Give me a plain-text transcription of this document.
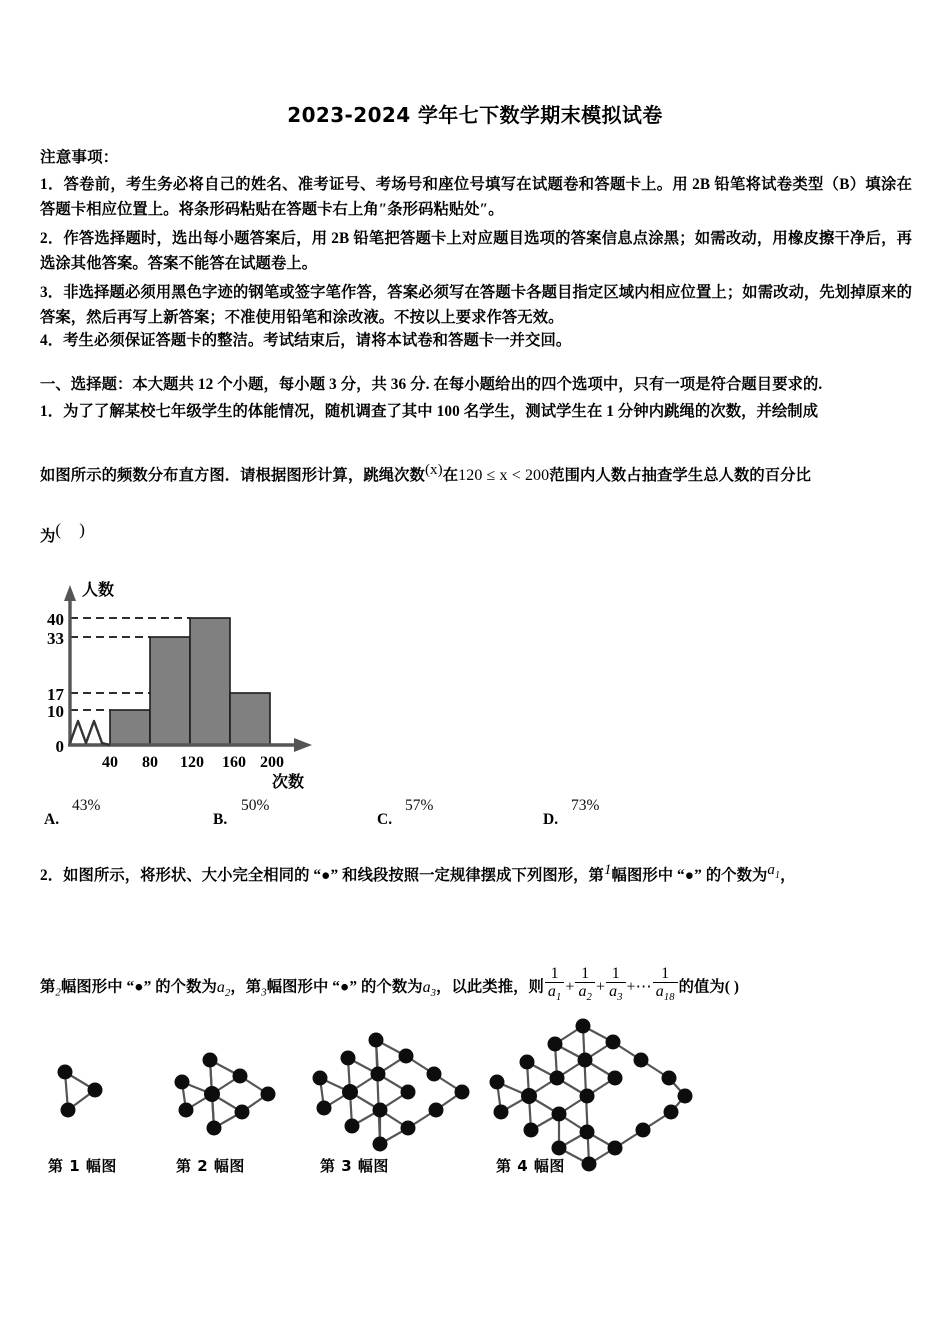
2023-2024 学年七下数学期末模拟试卷
注意事项：
1．答卷前，考生务必将自己的姓名、准考证号、考场号和座位号填写在试题卷和答题卡上。用 2B 铅笔将试卷类型（B）填涂在答题卡相应位置上。将条形码粘贴在答题卡右上角″条形码粘贴处″。
2．作答选择题时，选出每小题答案后，用 2B 铅笔把答题卡上对应题目选项的答案信息点涂黑；如需改动，用橡皮擦干净后，再选涂其他答案。答案不能答在试题卷上。
3．非选择题必须用黑色字迹的钢笔或签字笔作答，答案必须写在答题卡各题目指定区域内相应位置上；如需改动，先划掉原来的答案，然后再写上新答案；不准使用铅笔和涂改液。不按以上要求作答无效。
4．考生必须保证答题卡的整洁。考试结束后，请将本试卷和答题卡一并交回。
一、选择题：本大题共 12 个小题，每小题 3 分，共 36 分. 在每小题给出的四个选项中，只有一项是符合题目要求的.
1．为了了解某校七年级学生的体能情况，随机调查了其中 100 名学生，测试学生在 1 分钟内跳绳的次数，并绘制成
如图所示的频数分布直方图．请根据图形计算，跳绳次数(x)在120 ≤ x < 200范围内人数占抽查学生总人数的百分比
为( )
40
33
17
10
0
40 80 120 160 200
人数
次数
A.
43%
B.
50%
C.
57%
D.
73%
2．如图所示，将形状、大小完全相同的 “●” 和线段按照一定规律摆成下列图形，第1幅图形中 “●” 的个数为$a_1$，
第$_2$幅图形中 “●” 的个数为$a_2$，第$_3$幅图形中 “●” 的个数为$a_3$，以此类推，则 $\frac{1}{a_1} + \frac{1}{a_2} + \frac{1}{a_3}$ +⋯ $\frac{1}{a_{18}}$ 的值为( )
第 1 幅图	第 2 幅图	第 3 幅图	第 4 幅图
